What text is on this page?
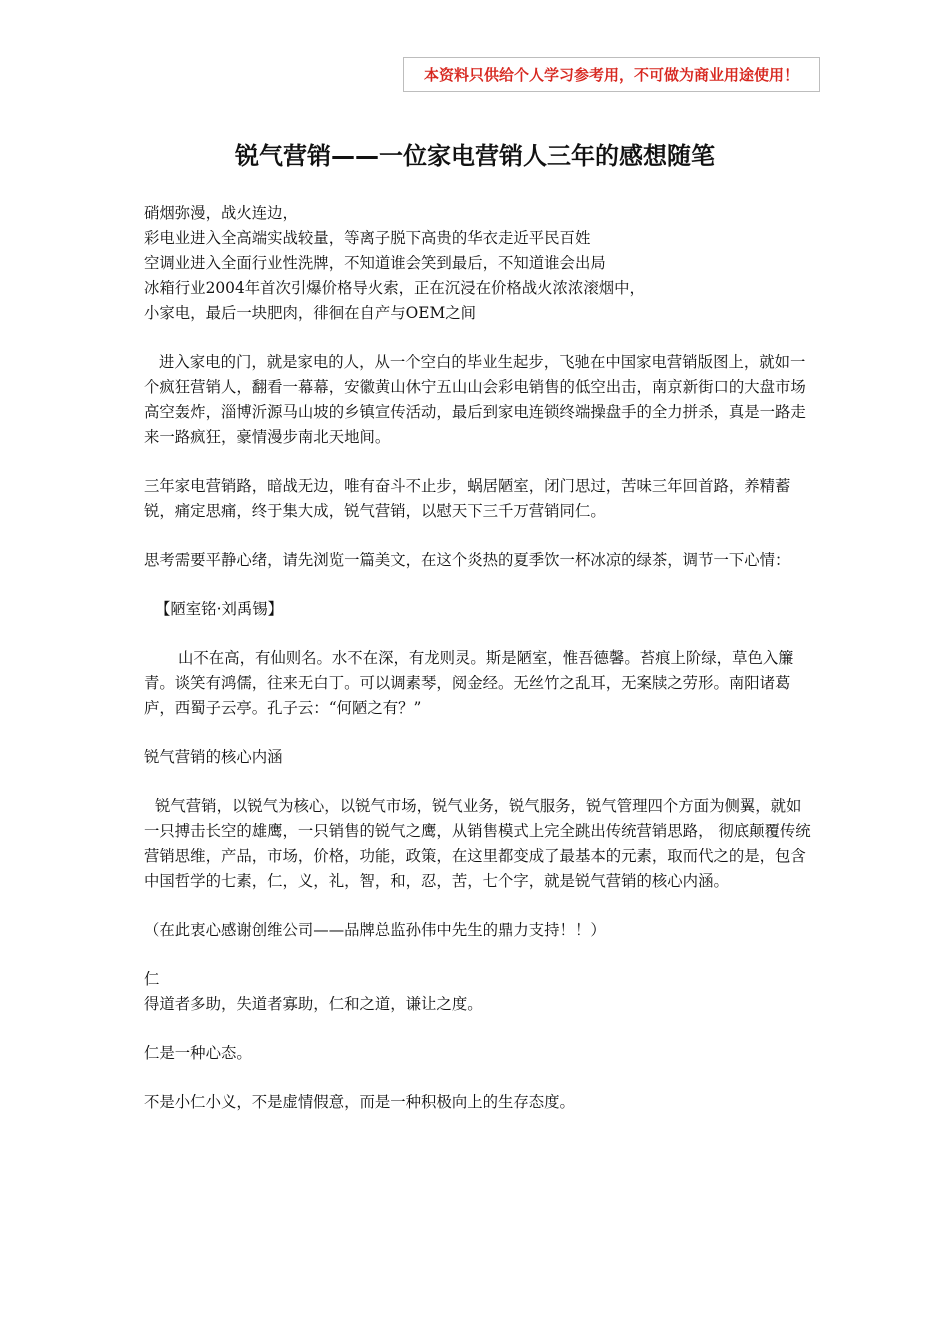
本资料只供给个人学习参考用，不可做为商业用途使用！
锐气营销——一位家电营销人三年的感想随笔

硝烟弥漫，战火连边，

彩电业进入全高端实战较量，等离子脱下高贵的华衣走近平民百姓

空调业进入全面行业性洗牌，不知道谁会笑到最后，不知道谁会出局

冰箱行业2004年首次引爆价格导火索，正在沉浸在价格战火浓浓滚烟中，

小家电，最后一块肥肉，徘徊在自产与OEM之间

进入家电的门，就是家电的人，从一个空白的毕业生起步，飞驰在中国家电营销版图上，就如一个疯狂营销人，翻看一幕幕，安徽黄山休宁五山山会彩电销售的低空出击，南京新街口的大盘市场高空轰炸，淄博沂源马山坡的乡镇宣传活动，最后到家电连锁终端操盘手的全力拼杀，真是一路走来一路疯狂，豪情漫步南北天地间。

三年家电营销路，暗战无边，唯有奋斗不止步，蜗居陋室，闭门思过，苦味三年回首路，养精蓄锐，痛定思痛，终于集大成，锐气营销，以慰天下三千万营销同仁。

思考需要平静心绪，请先浏览一篇美文，在这个炎热的夏季饮一杯冰凉的绿茶，调节一下心情：

【陋室铭·刘禹锡】

山不在高，有仙则名。水不在深，有龙则灵。斯是陋室，惟吾德馨。苔痕上阶绿，草色入簾青。谈笑有鸿儒，往来无白丁。可以调素琴，阅金经。无丝竹之乱耳，无案牍之劳形。南阳诸葛庐，西蜀子云亭。孔子云：“何陋之有？”

锐气营销的核心内涵

锐气营销，以锐气为核心，以锐气市场，锐气业务，锐气服务，锐气管理四个方面为侧翼，就如一只搏击长空的雄鹰，一只销售的锐气之鹰，从销售模式上完全跳出传统营销思路， 彻底颠覆传统营销思维，产品，市场，价格，功能，政策，在这里都变成了最基本的元素，取而代之的是，包含中国哲学的七素，仁，义，礼，智，和，忍，苦，七个字，就是锐气营销的核心内涵。

（在此衷心感谢创维公司——品牌总监孙伟中先生的鼎力支持！！）

仁

得道者多助，失道者寡助，仁和之道，谦让之度。

仁是一种心态。

不是小仁小义，不是虚情假意，而是一种积极向上的生存态度。
